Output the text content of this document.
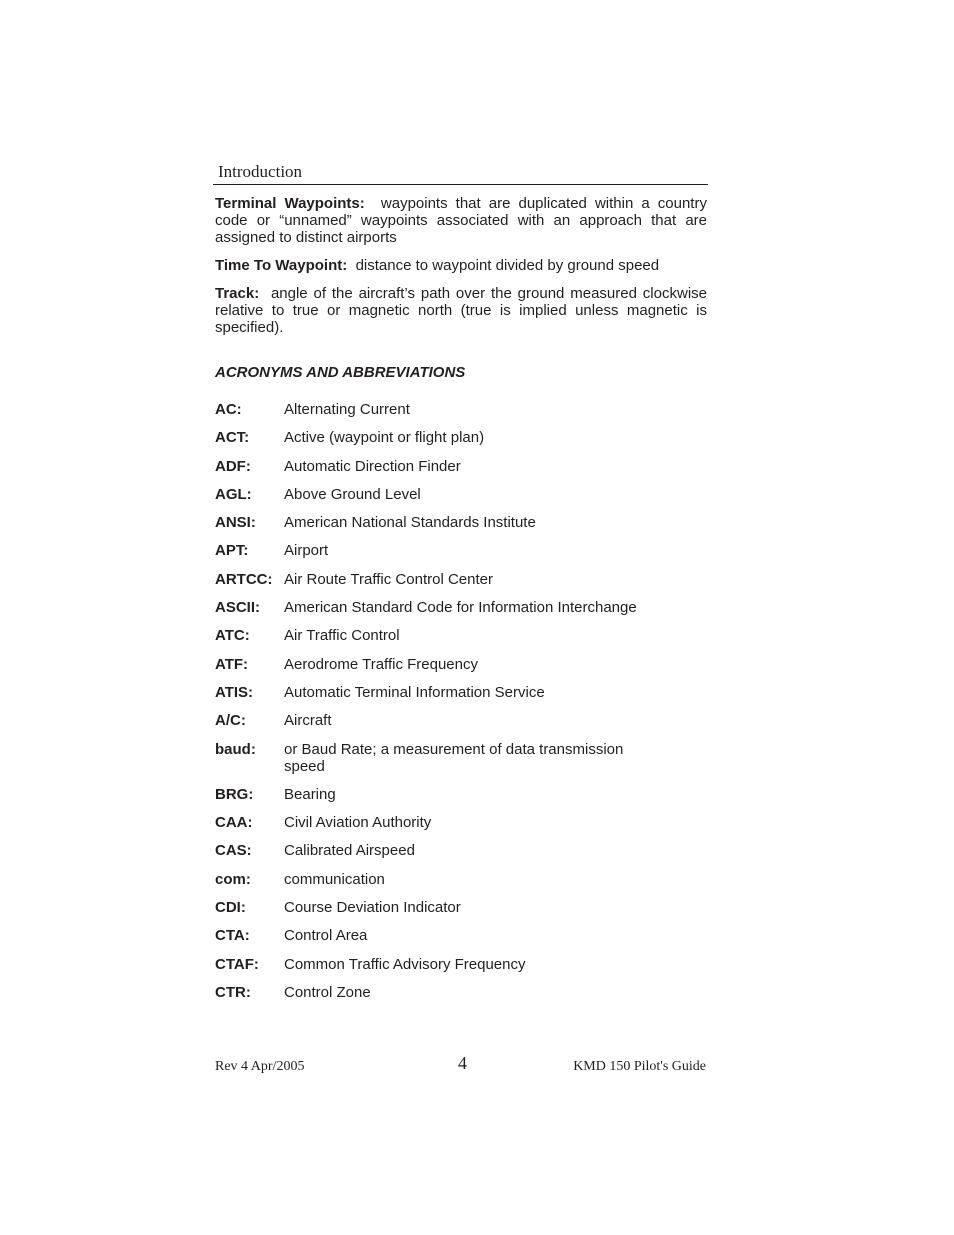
Introduction

Terminal Waypoints: waypoints that are duplicated within a country code or “unnamed” waypoints associated with an approach that are assigned to distinct airports

Time To Waypoint: distance to waypoint divided by ground speed

Track: angle of the aircraft’s path over the ground measured clockwise relative to true or magnetic north (true is implied unless magnetic is specified).

ACRONYMS AND ABBREVIATIONS
AC:	Alternating Current
ACT:	Active (waypoint or flight plan)
ADF:	Automatic Direction Finder
AGL:	Above Ground Level
ANSI:	American National Standards Institute
APT:	Airport
ARTCC: Air Route Traffic Control Center
ASCII:	American Standard Code for Information Interchange
ATC:	Air Traffic Control
ATF:	Aerodrome Traffic Frequency
ATIS:	Automatic Terminal Information Service
A/C:	Aircraft
baud:	or Baud Rate; a measurement of data transmission speed
BRG:	Bearing
CAA:	Civil Aviation Authority
CAS:	Calibrated Airspeed
com:	communication
CDI:	Course Deviation Indicator
CTA:	Control Area
CTAF:	Common Traffic Advisory Frequency
CTR:	Control Zone
Rev 4 Apr/2005	4	KMD 150 Pilot's Guide
